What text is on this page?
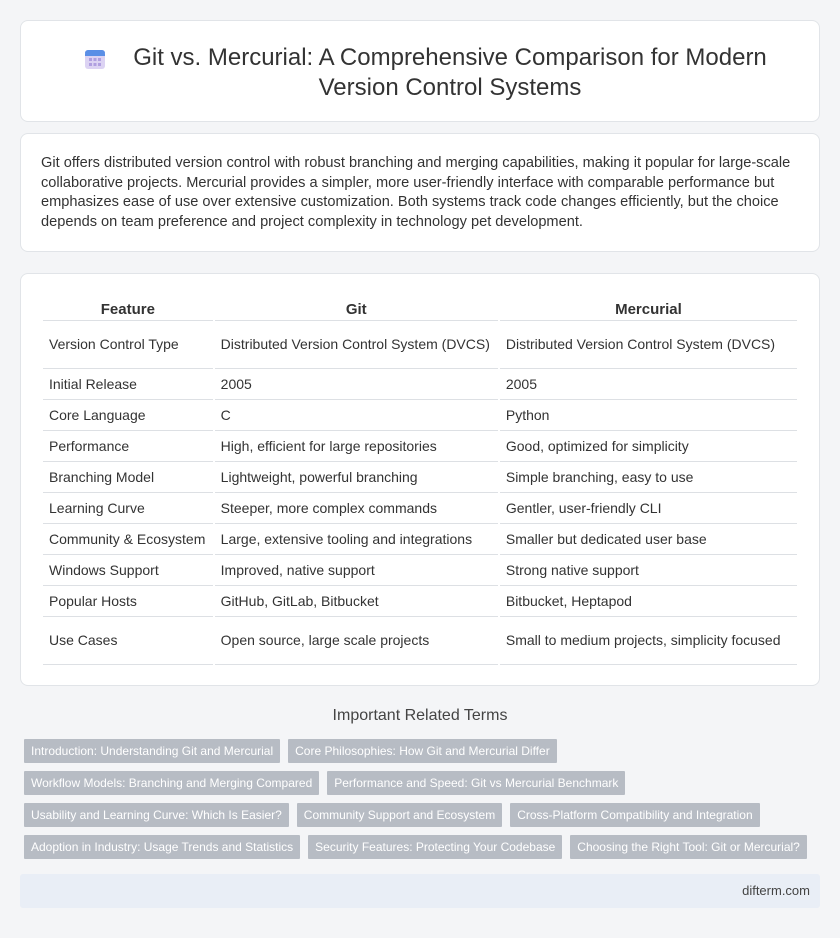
Git vs. Mercurial: A Comprehensive Comparison for Modern Version Control Systems

Git offers distributed version control with robust branching and merging capabilities, making it popular for large-scale collaborative projects. Mercurial provides a simpler, more user-friendly interface with comparable performance but emphasizes ease of use over extensive customization. Both systems track code changes efficiently, but the choice depends on team preference and project complexity in technology pet development.

Feature	Git	Mercurial
Version Control Type	Distributed Version Control System (DVCS)	Distributed Version Control System (DVCS)
Initial Release	2005	2005
Core Language	C	Python
Performance	High, efficient for large repositories	Good, optimized for simplicity
Branching Model	Lightweight, powerful branching	Simple branching, easy to use
Learning Curve	Steeper, more complex commands	Gentler, user-friendly CLI
Community & Ecosystem	Large, extensive tooling and integrations	Smaller but dedicated user base
Windows Support	Improved, native support	Strong native support
Popular Hosts	GitHub, GitLab, Bitbucket	Bitbucket, Heptapod
Use Cases	Open source, large scale projects	Small to medium projects, simplicity focused
Important Related Terms
Introduction: Understanding Git and Mercurial	Core Philosophies: How Git and Mercurial Differ
Workflow Models: Branching and Merging Compared	Performance and Speed: Git vs Mercurial Benchmark
Usability and Learning Curve: Which Is Easier?	Community Support and Ecosystem	Cross-Platform Compatibility and Integration
Adoption in Industry: Usage Trends and Statistics	Security Features: Protecting Your Codebase	Choosing the Right Tool: Git or Mercurial?
difterm.com
